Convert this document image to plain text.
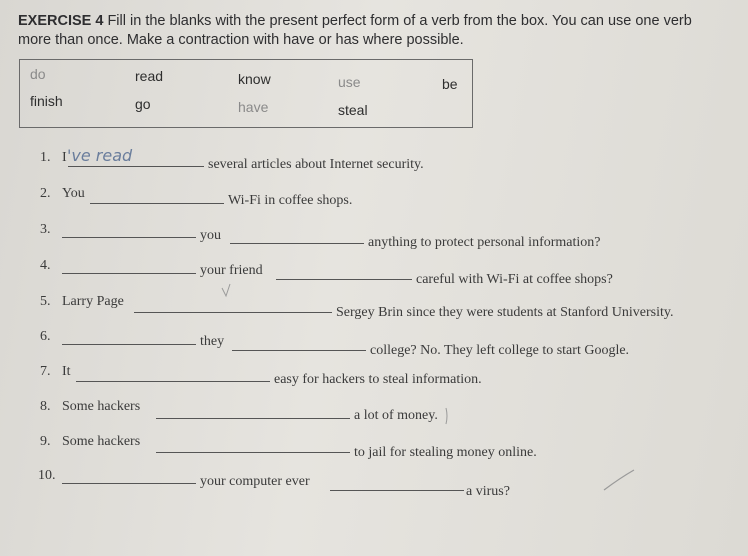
EXERCISE 4 Fill in the blanks with the present perfect form of a verb from the box. You can use one verb more than once. Make a contraction with have or has where possible.
do	read	know	use	be
finish	go	have	steal
1. I 've read	several articles about Internet security.
2. You	Wi-Fi in coffee shops.
3.	you	anything to protect personal information?
4.	your friend
careful with Wi-Fi at coffee shops?
5. Larry Page
Sergey Brin since they were students at Stanford University.
6.	they
college? No. They left college to start Google.
7. It
easy for hackers to steal information.
8. Some hackers
a lot of money.
9. Some hackers
to jail for stealing money online.
10.	your computer ever
a virus?
